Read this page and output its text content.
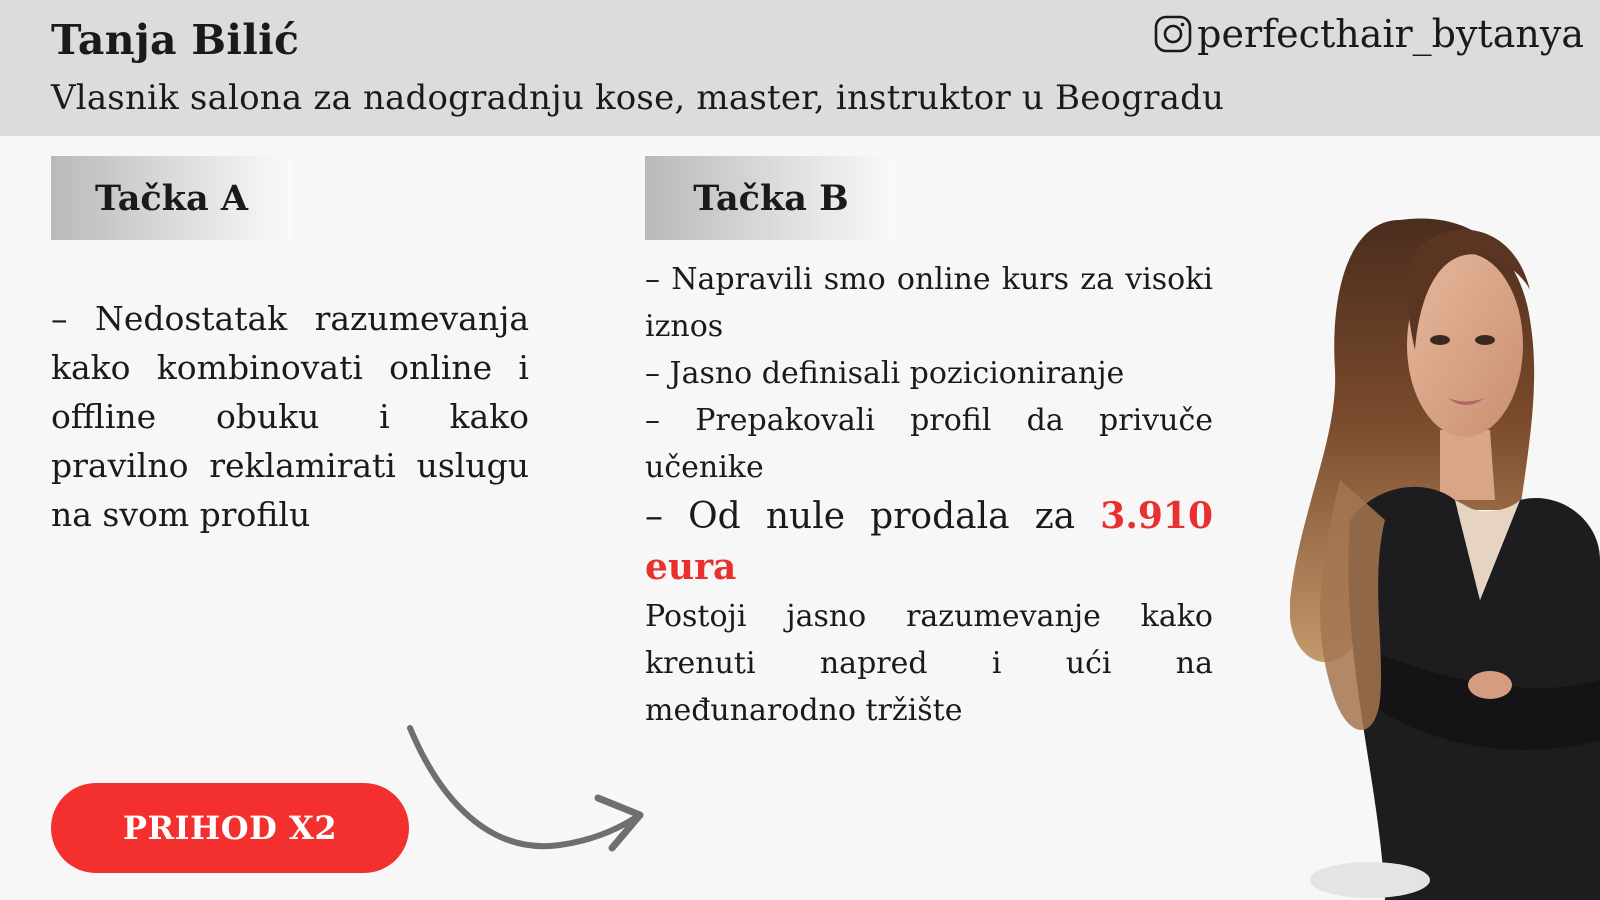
Tanja Bilić
Vlasnik salona za nadogradnju kose, master, instruktor u Beogradu
perfecthair_bytanya
Tačka A	Tačka B
– Nedostatak razumevanja kako kombinovati online i offline obuku i kako pravilno reklamirati uslugu na svom profilu

– Napravili smo online kurs za visoki iznos

– Jasno definisali pozicioniranje

– Prepakovali profil da privuče učenike

– Od nule prodala za 3.910 eura

Postoji jasno razumevanje kako krenuti napred i ući na međunarodno tržište

PRIHOD X2
